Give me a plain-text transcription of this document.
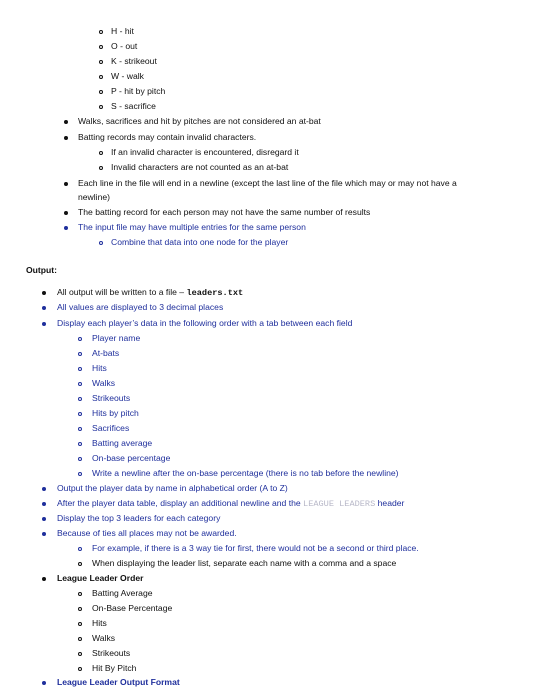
H - hit
O - out
K - strikeout
W - walk
P - hit by pitch
S - sacrifice
Walks, sacrifices and hit by pitches are not considered an at-bat
Batting records may contain invalid characters.
If an invalid character is encountered, disregard it
Invalid characters are not counted as an at-bat
Each line in the file will end in a newline (except the last line of the file which may or may not have a
newline)
The batting record for each person may not have the same number of results
The input file may have multiple entries for the same person
Combine that data into one node for the player
Output:
All output will be written to a file – leaders.txt
All values are displayed to 3 decimal places
Display each player’s data in the following order with a tab between each field
Player name
At-bats
Hits
Walks
Strikeouts
Hits by pitch
Sacrifices
Batting average
On-base percentage
Write a newline after the on-base percentage (there is no tab before the newline)
Output the player data by name in alphabetical order (A to Z)
After the player data table, display an additional newline and the LEAGUE LEADERS header
Display the top 3 leaders for each category
Because of ties all places may not be awarded.
For example, if there is a 3 way tie for first, there would not be a second or third place.
When displaying the leader list, separate each name with a comma and a space
League Leader Order
Batting Average
On-Base Percentage
Hits
Walks
Strikeouts
Hit By Pitch
League Leader Output Format
